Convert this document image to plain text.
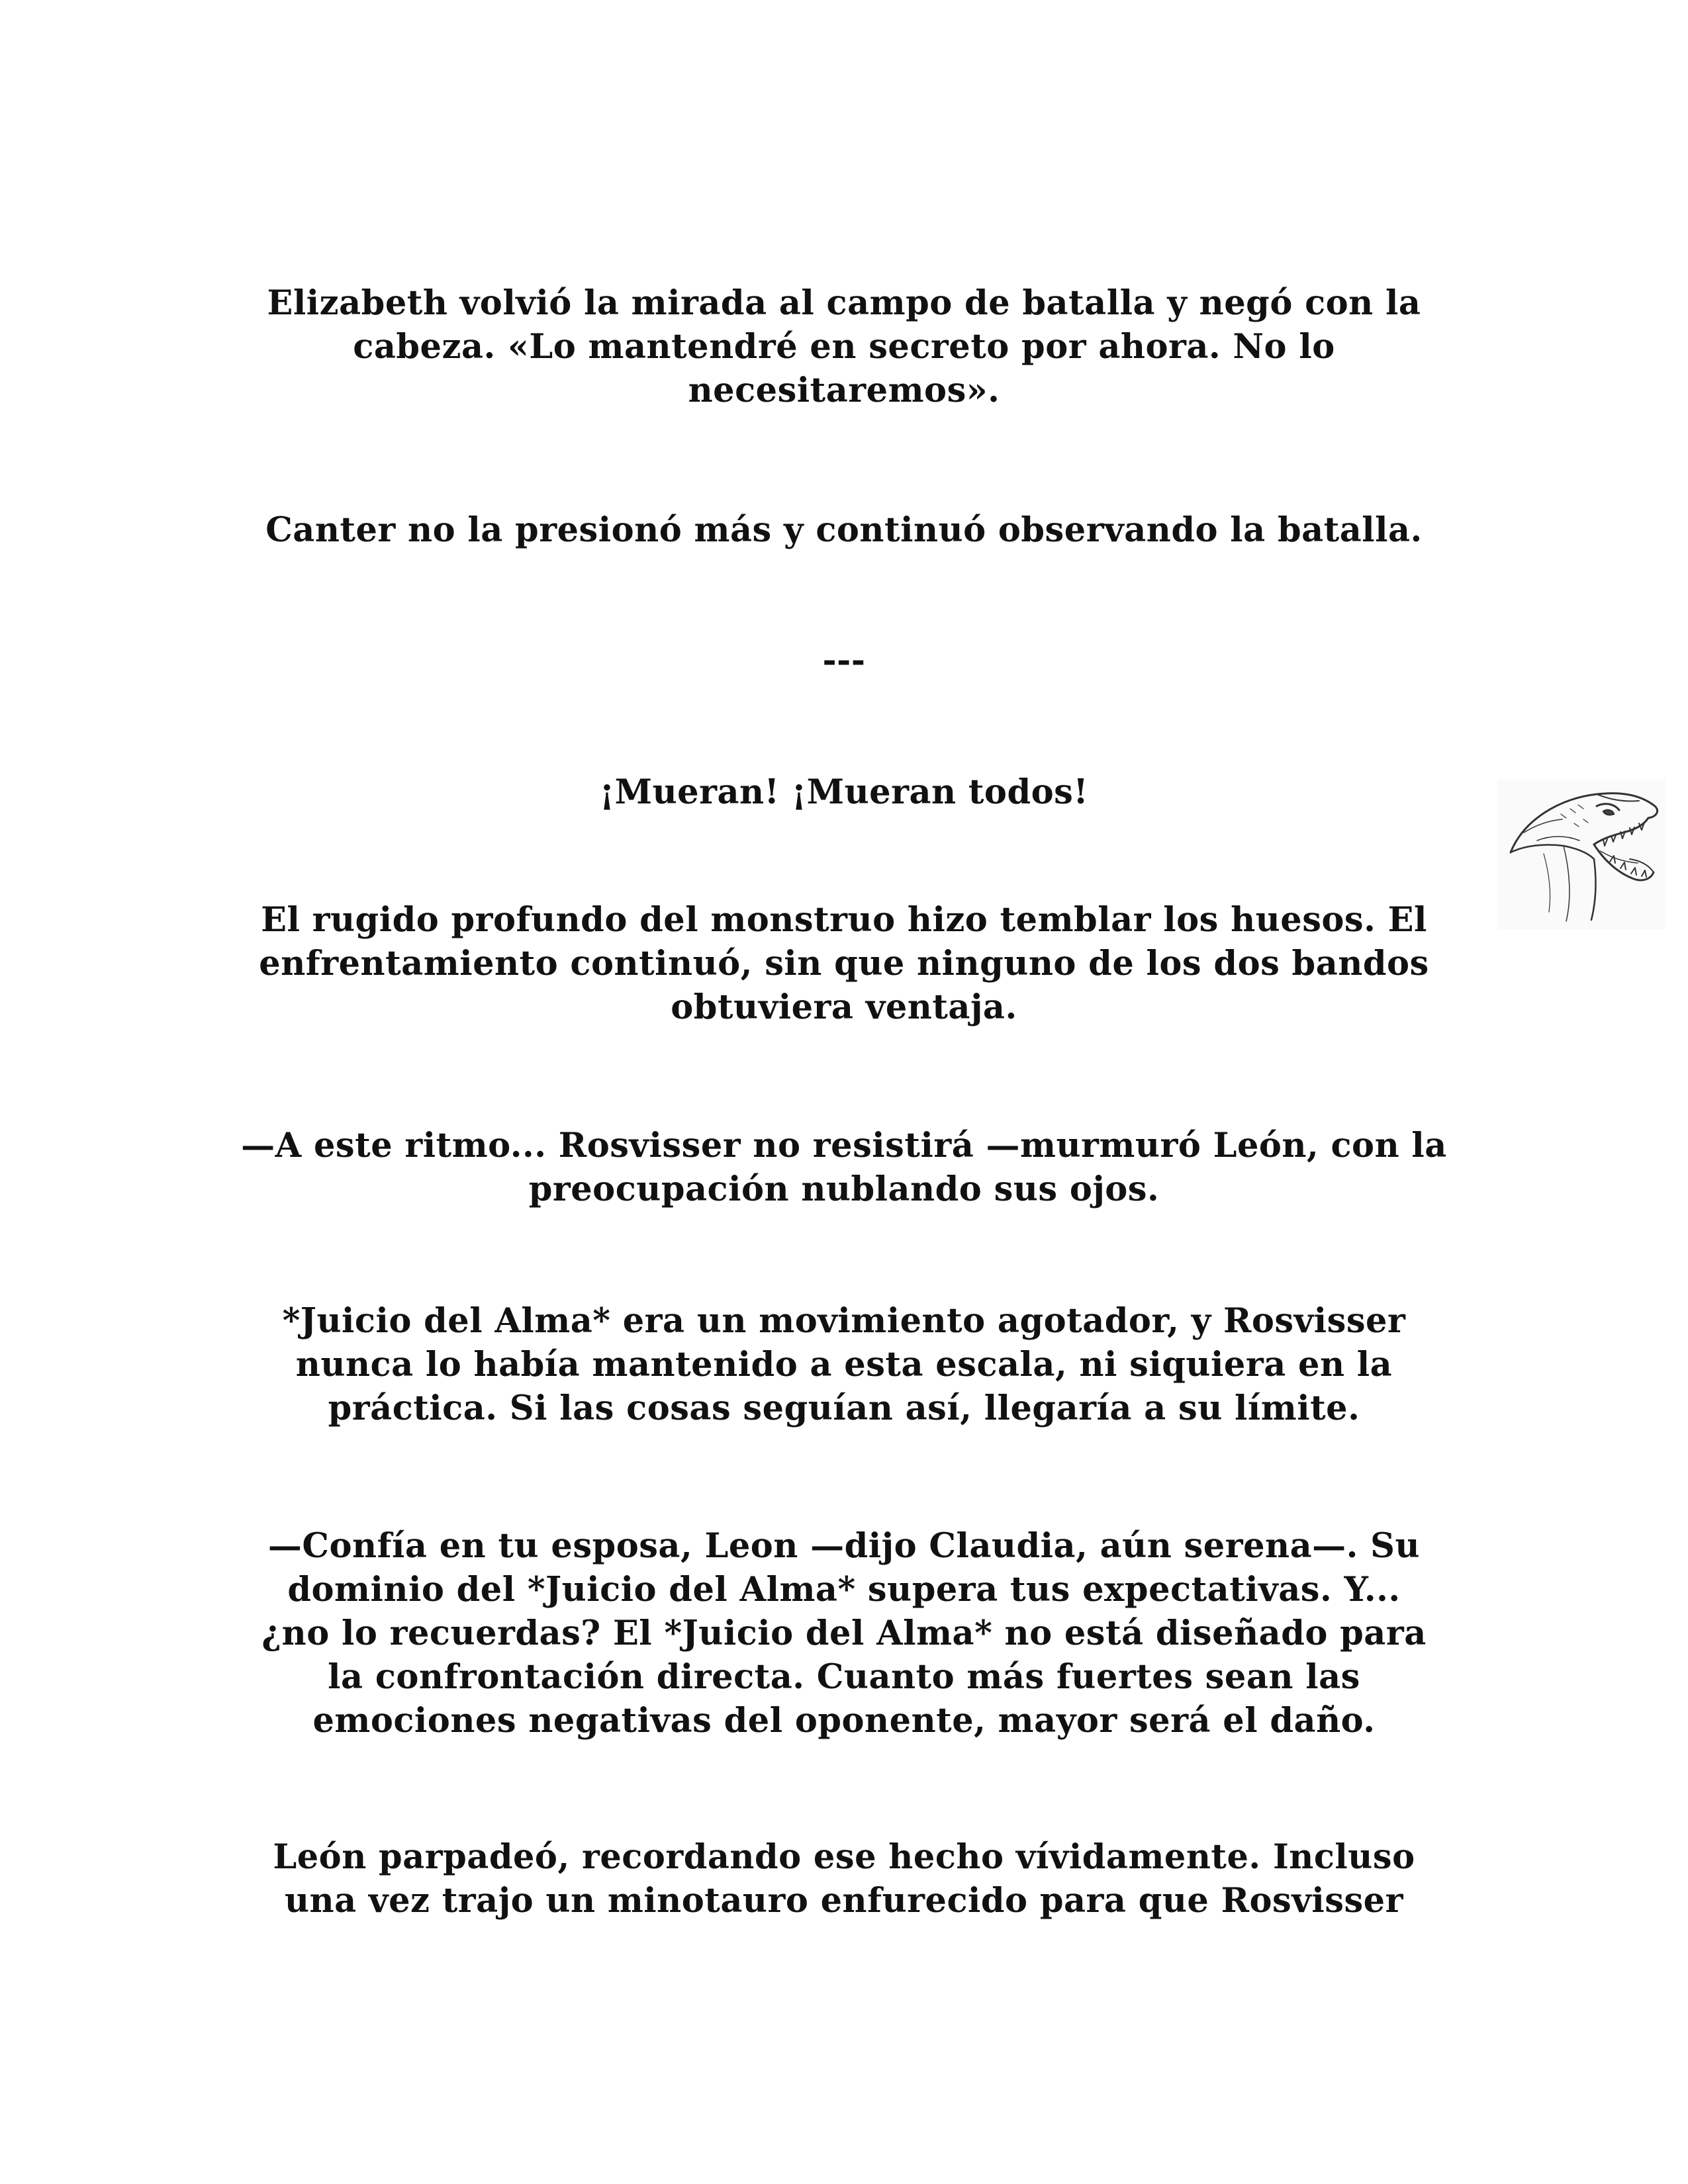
Elizabeth volvió la mirada al campo de batalla y negó con la
cabeza. «Lo mantendré en secreto por ahora. No lo
necesitaremos».

Canter no la presionó más y continuó observando la batalla.

---

¡Mueran! ¡Mueran todos!

El rugido profundo del monstruo hizo temblar los huesos. El
enfrentamiento continuó, sin que ninguno de los dos bandos
obtuviera ventaja.

—A este ritmo... Rosvisser no resistirá —murmuró León, con la
preocupación nublando sus ojos.

*Juicio del Alma* era un movimiento agotador, y Rosvisser
nunca lo había mantenido a esta escala, ni siquiera en la
práctica. Si las cosas seguían así, llegaría a su límite.

—Confía en tu esposa, Leon —dijo Claudia, aún serena—. Su
dominio del *Juicio del Alma* supera tus expectativas. Y...
¿no lo recuerdas? El *Juicio del Alma* no está diseñado para
la confrontación directa. Cuanto más fuertes sean las
emociones negativas del oponente, mayor será el daño.

León parpadeó, recordando ese hecho vívidamente. Incluso
una vez trajo un minotauro enfurecido para que Rosvisser
